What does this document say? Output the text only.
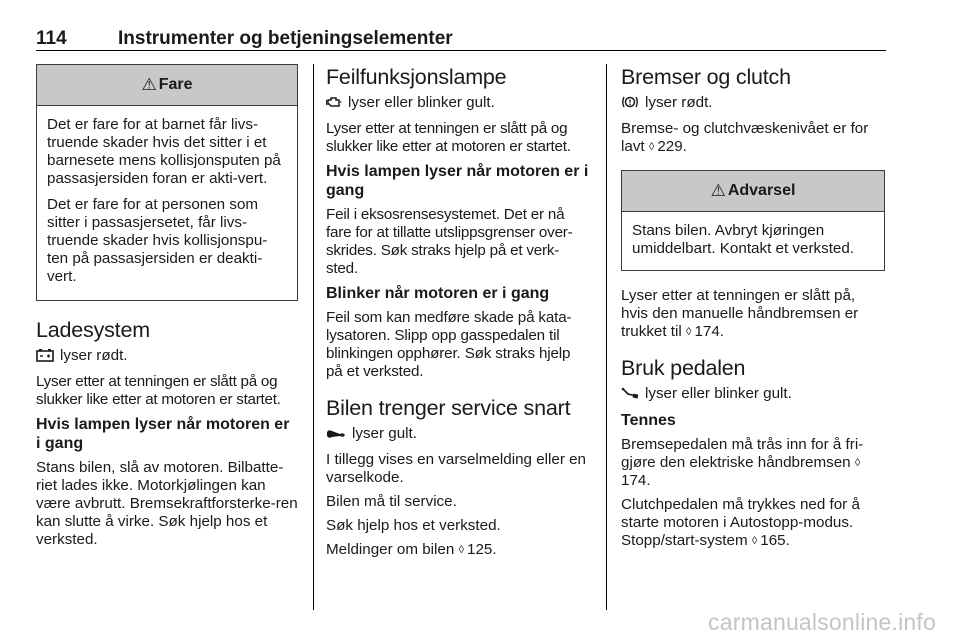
114	Instrumenter og betjeningselementer
⚠ Fare

Det er fare for at barnet får livs-truende skader hvis det sitter i et barnesete mens kollisjonsputen på passasjersiden foran er akti-vert.

Det er fare for at personen som sitter i passasjersetet, får livs-truende skader hvis kollisjonspu-ten på passasjersiden er deakti-vert.

Ladesystem

lyser rødt.

Lyser etter at tenningen er slått på og slukker like etter at motoren er startet.

Hvis lampen lyser når motoren er i gang

Stans bilen, slå av motoren. Bilbatte-riet lades ikke. Motorkjølingen kan være avbrutt. Bremsekraftforsterke-ren kan slutte å virke. Søk hjelp hos et verksted.

Feilfunksjonslampe

lyser eller blinker gult.

Lyser etter at tenningen er slått på og slukker like etter at motoren er startet.

Hvis lampen lyser når motoren er i gang

Feil i eksosrensesystemet. Det er nå fare for at tillatte utslippsgrenser over-skrides. Søk straks hjelp på et verk-sted.

Blinker når motoren er i gang

Feil som kan medføre skade på kata-lysatoren. Slipp opp gasspedalen til blinkingen opphører. Søk straks hjelp på et verksted.

Bilen trenger service snart

lyser gult.

I tillegg vises en varselmelding eller en varselkode.

Bilen må til service.

Søk hjelp hos et verksted.

Meldinger om bilen ◊ 125.

Bremser og clutch

lyser rødt.

Bremse- og clutchvæskenivået er for lavt ◊ 229.

⚠ Advarsel

Stans bilen. Avbryt kjøringen umiddelbart. Kontakt et verksted.

Lyser etter at tenningen er slått på, hvis den manuelle håndbremsen er trukket til ◊ 174.

Bruk pedalen

lyser eller blinker gult.

Tennes

Bremsepedalen må trås inn for å fri-gjøre den elektriske håndbremsen ◊174.

Clutchpedalen må trykkes ned for å starte motoren i Autostopp-modus. Stopp/start-system ◊ 165.

carmanualsonline.info
